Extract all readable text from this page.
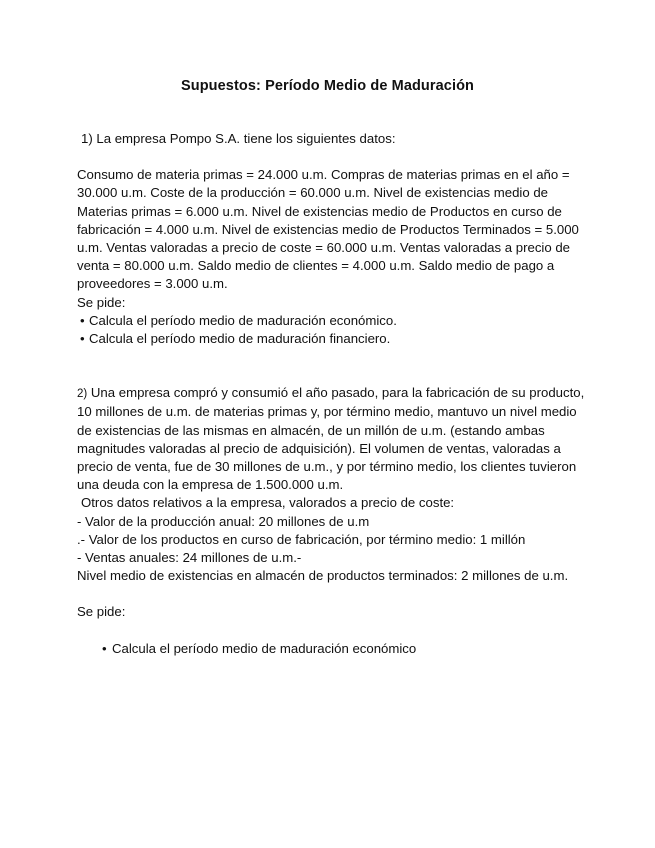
Supuestos: Período Medio de Maduración
1) La empresa Pompo S.A. tiene los siguientes datos:

Consumo de materia primas = 24.000 u.m. Compras de materias primas en el año = 30.000 u.m. Coste de la producción = 60.000 u.m. Nivel de existencias medio de Materias primas = 6.000 u.m. Nivel de existencias medio de Productos en curso de fabricación = 4.000 u.m. Nivel de existencias medio de Productos Terminados = 5.000 u.m. Ventas valoradas a precio de coste = 60.000 u.m. Ventas valoradas a precio de venta = 80.000 u.m. Saldo medio de clientes = 4.000 u.m. Saldo medio de pago a proveedores = 3.000 u.m.

Se pide:
• Calcula el período medio de maduración económico.
• Calcula el período medio de maduración financiero.

2) Una empresa compró y consumió el año pasado, para la fabricación de su producto, 10 millones de u.m. de materias primas y, por término medio, mantuvo un nivel medio de existencias de las mismas en almacén, de un millón de u.m. (estando ambas magnitudes valoradas al precio de adquisición). El volumen de ventas, valoradas a precio de venta, fue de 30 millones de u.m., y por término medio, los clientes tuvieron una deuda con la empresa de 1.500.000 u.m.

Otros datos relativos a la empresa, valorados a precio de coste:
- Valor de la producción anual: 20 millones de u.m
.- Valor de los productos en curso de fabricación, por término medio: 1 millón
- Ventas anuales: 24 millones de u.m.-
Nivel medio de existencias en almacén de productos terminados: 2 millones de u.m.
Se pide:
• Calcula el período medio de maduración económico
